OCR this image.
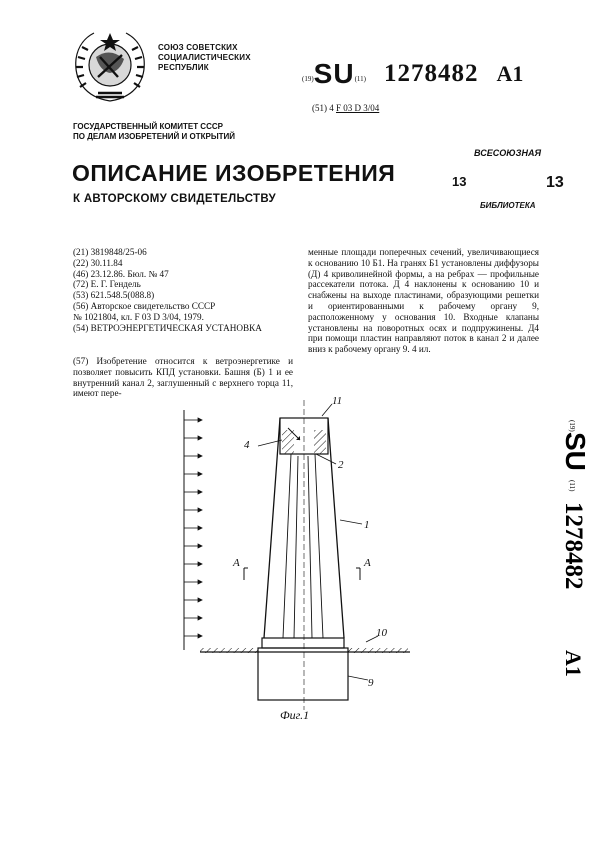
СОЮЗ СОВЕТСКИХ
СОЦИАЛИСТИЧЕСКИХ
РЕСПУБЛИК
(19)SU(11) 1278482 A1
(51) 4 F 03 D 3/04
ГОСУДАРСТВЕННЫЙ КОМИТЕТ СССР
ПО ДЕЛАМ ИЗОБРЕТЕНИЙ И ОТКРЫТИЙ
ОПИСАНИЕ ИЗОБРЕТЕНИЯ
К АВТОРСКОМУ СВИДЕТЕЛЬСТВУ
ВСЕСОЮЗНАЯ
13	13
БИБЛИОТЕКА
(21) 3819848/25-06
(22) 30.11.84
(46) 23.12.86. Бюл. № 47
(72) Е. Г. Гендель
(53) 621.548.5(088.8)
(56) Авторское свидетельство СССР
№ 1021804, кл. F 03 D 3/04, 1979.
(54) ВЕТРОЭНЕРГЕТИЧЕСКАЯ УСТАНОВКА
(57) Изобретение относится к ветроэнергетике и позволяет повысить КПД установки. Башня (Б) 1 и ее внутренний канал 2, заглушенный с верхнего торца 11, имеют пере-
менные площади поперечных сечений, увеличивающиеся к основанию 10 Б1. На гранях Б1 установлены диффузоры (Д) 4 криволинейной формы, а на ребрах — профильные рассекатели потока. Д 4 наклонены к основанию 10 и снабжены на выходе пластинами, образующими решетки и ориентированными к рабочему органу 9, расположенному у основания 10. Входные клапаны установлены на поворотных осях и подпружинены. Д4 при помощи пластин направляют поток в канал 2 и далее вниз к рабочему органу 9. 4 ил.
(19)
SU
(11)
1278482
A1
11
4
2
1
A	A
10
9
Фиг.1
